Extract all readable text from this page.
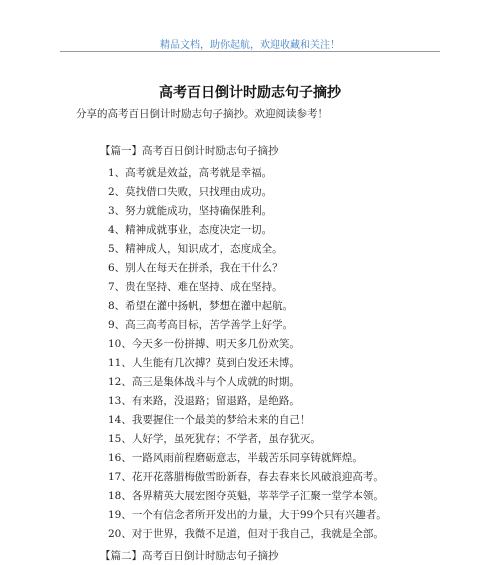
精品文档，助你起航，欢迎收藏和关注！
高考百日倒计时励志句子摘抄
分享的高考百日倒计时励志句子摘抄。欢迎阅读参考！
【篇一】高考百日倒计时励志句子摘抄
1、高考就是效益，高考就是幸福。
2、莫找借口失败，只找理由成功。
3、努力就能成功，坚持确保胜利。
4、精神成就事业，态度决定一切。
5、精神成人，知识成才，态度成全。
6、别人在每天在拼杀，我在干什么？
7、贵在坚持、难在坚持、成在坚持。
8、希望在灌中扬帆，梦想在灌中起航。
9、高三高考高目标，苦学善学上好学。
10、今天多一份拼搏、明天多几份欢笑。
11、人生能有几次搏？莫到白发还未博。
12、高三是集体战斗与个人成就的时期。
13、有来路，没退路；留退路，是绝路。
14、我要握住一个最美的梦给未来的自己！
15、人好学，虽死犹存；不学者，虽存犹灭。
16、一路风雨前程磨砺意志，半载苦乐同享铸就辉煌。
17、花开花落腊梅傲雪盼新春，春去春来长风破浪迎高考。
18、各界精英大展宏图夺英魁，莘莘学子汇聚一堂学本领。
19、一个有信念者所开发出的力量，大于99个只有兴趣者。
20、对于世界，我微不足道，但对于我自己，我就是全部。
【篇二】高考百日倒计时励志句子摘抄
